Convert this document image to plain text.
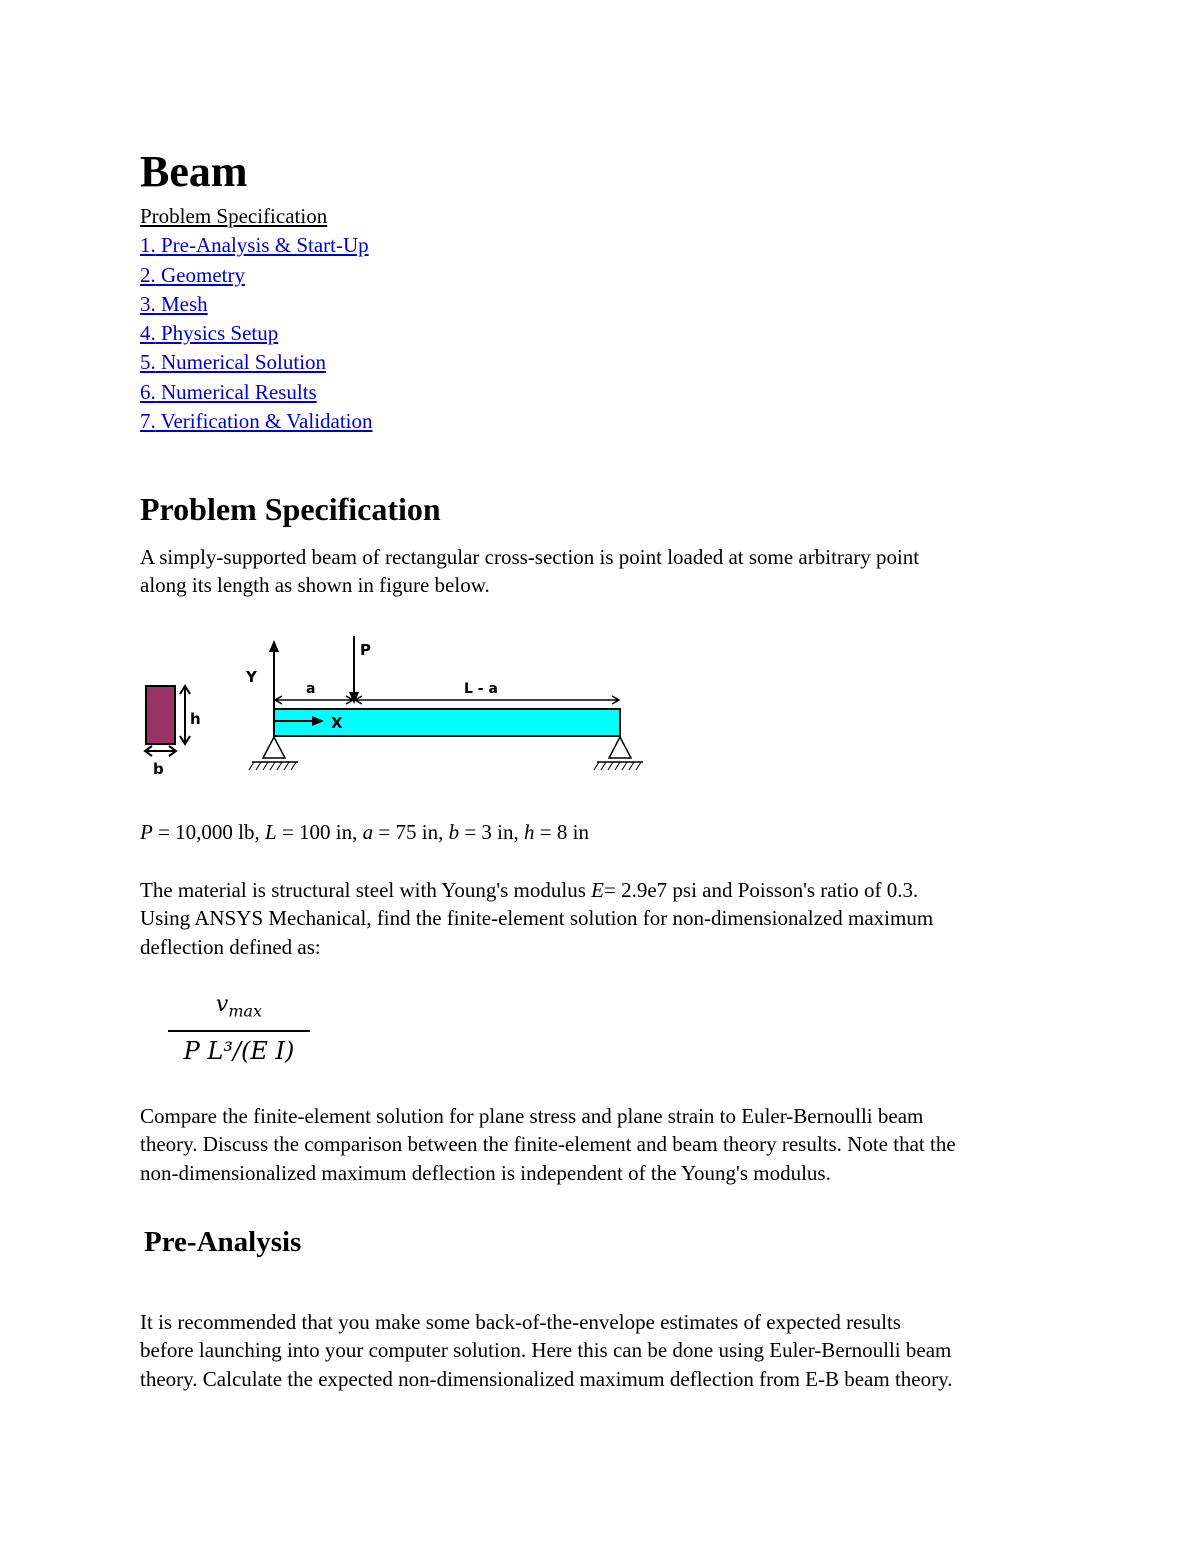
Beam
Problem Specification
1. Pre-Analysis & Start-Up
2. Geometry
3. Mesh
4. Physics Setup
5. Numerical Solution
6. Numerical Results
7. Verification & Validation
Problem Specification
A simply-supported beam of rectangular cross-section is point loaded at some arbitrary point
along its length as shown in figure below.
h
b
Y
X
P
a	L - a
P = 10,000 lb, L = 100 in, a = 75 in, b = 3 in, h = 8 in
The material is structural steel with Young's modulus E= 2.9e7 psi and Poisson's ratio of 0.3.
Using ANSYS Mechanical, find the finite-element solution for non-dimensionalzed maximum
deflection defined as:
$v_{max}$
P L³/(E I)
Compare the finite-element solution for plane stress and plane strain to Euler-Bernoulli beam
theory. Discuss the comparison between the finite-element and beam theory results. Note that the
non-dimensionalized maximum deflection is independent of the Young's modulus.
Pre-Analysis
It is recommended that you make some back-of-the-envelope estimates of expected results
before launching into your computer solution. Here this can be done using Euler-Bernoulli beam
theory. Calculate the expected non-dimensionalized maximum deflection from E-B beam theory.
